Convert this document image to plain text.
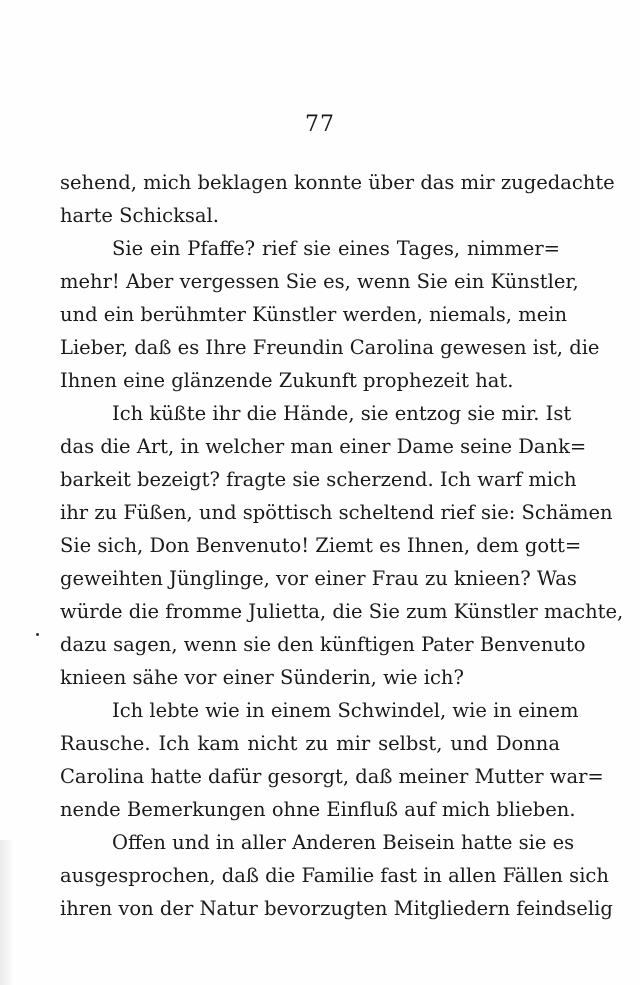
77
sehend, mich beklagen konnte über das mir zugedachte
harte Schicksal.
Sie ein Pfaffe? rief sie eines Tages, nimmer=
mehr! Aber vergessen Sie es, wenn Sie ein Künstler,
und ein berühmter Künstler werden, niemals, mein
Lieber, daß es Ihre Freundin Carolina gewesen ist, die
Ihnen eine glänzende Zukunft prophezeit hat.
Ich küßte ihr die Hände, sie entzog sie mir. Ist
das die Art, in welcher man einer Dame seine Dank=
barkeit bezeigt? fragte sie scherzend. Ich warf mich
ihr zu Füßen, und spöttisch scheltend rief sie: Schämen
Sie sich, Don Benvenuto! Ziemt es Ihnen, dem gott=
geweihten Jünglinge, vor einer Frau zu knieen? Was
würde die fromme Julietta, die Sie zum Künstler machte,
dazu sagen, wenn sie den künftigen Pater Benvenuto
knieen sähe vor einer Sünderin, wie ich?
Ich lebte wie in einem Schwindel, wie in einem
Rausche. Ich kam nicht zu mir selbst, und Donna
Carolina hatte dafür gesorgt, daß meiner Mutter war=
nende Bemerkungen ohne Einfluß auf mich blieben.
Offen und in aller Anderen Beisein hatte sie es
ausgesprochen, daß die Familie fast in allen Fällen sich
ihren von der Natur bevorzugten Mitgliedern feindselig
